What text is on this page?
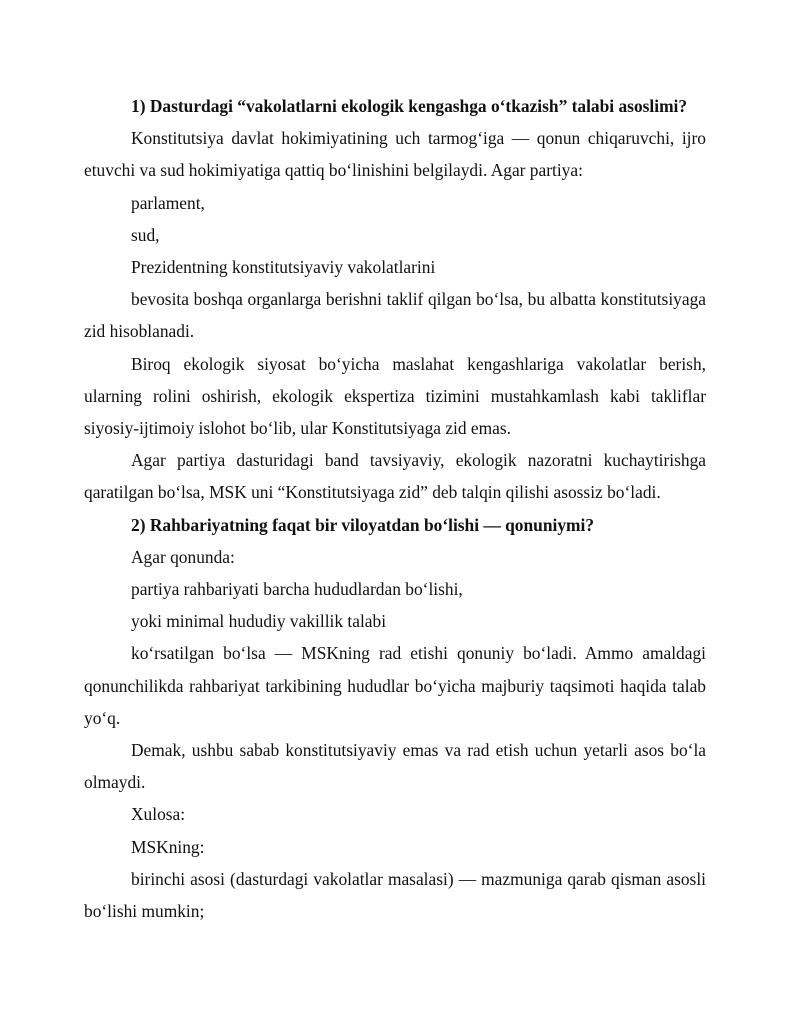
1) Dasturdagi “vakolatlarni ekologik kengashga o‘tkazish” talabi asoslimi?

Konstitutsiya davlat hokimiyatining uch tarmog‘iga — qonun chiqaruvchi, ijro etuvchi va sud hokimiyatiga qattiq bo‘linishini belgilaydi. Agar partiya:

parlament,

sud,

Prezidentning konstitutsiyaviy vakolatlarini

bevosita boshqa organlarga berishni taklif qilgan bo‘lsa, bu albatta konstitutsiyaga zid hisoblanadi.

Biroq ekologik siyosat bo‘yicha maslahat kengashlariga vakolatlar berish, ularning rolini oshirish, ekologik ekspertiza tizimini mustahkamlash kabi takliflar siyosiy-ijtimoiy islohot bo‘lib, ular Konstitutsiyaga zid emas.

Agar partiya dasturidagi band tavsiyaviy, ekologik nazoratni kuchaytirishga qaratilgan bo‘lsa, MSK uni “Konstitutsiyaga zid” deb talqin qilishi asossiz bo‘ladi.

2) Rahbariyatning faqat bir viloyatdan bo‘lishi — qonuniymi?

Agar qonunda:

partiya rahbariyati barcha hududlardan bo‘lishi,

yoki minimal hududiy vakillik talabi

ko‘rsatilgan bo‘lsa — MSKning rad etishi qonuniy bo‘ladi. Ammo amaldagi qonunchilikda rahbariyat tarkibining hududlar bo‘yicha majburiy taqsimoti haqida talab yo‘q.

Demak, ushbu sabab konstitutsiyaviy emas va rad etish uchun yetarli asos bo‘la olmaydi.

Xulosa:

MSKning:

birinchi asosi (dasturdagi vakolatlar masalasi) — mazmuniga qarab qisman asosli bo‘lishi mumkin;
